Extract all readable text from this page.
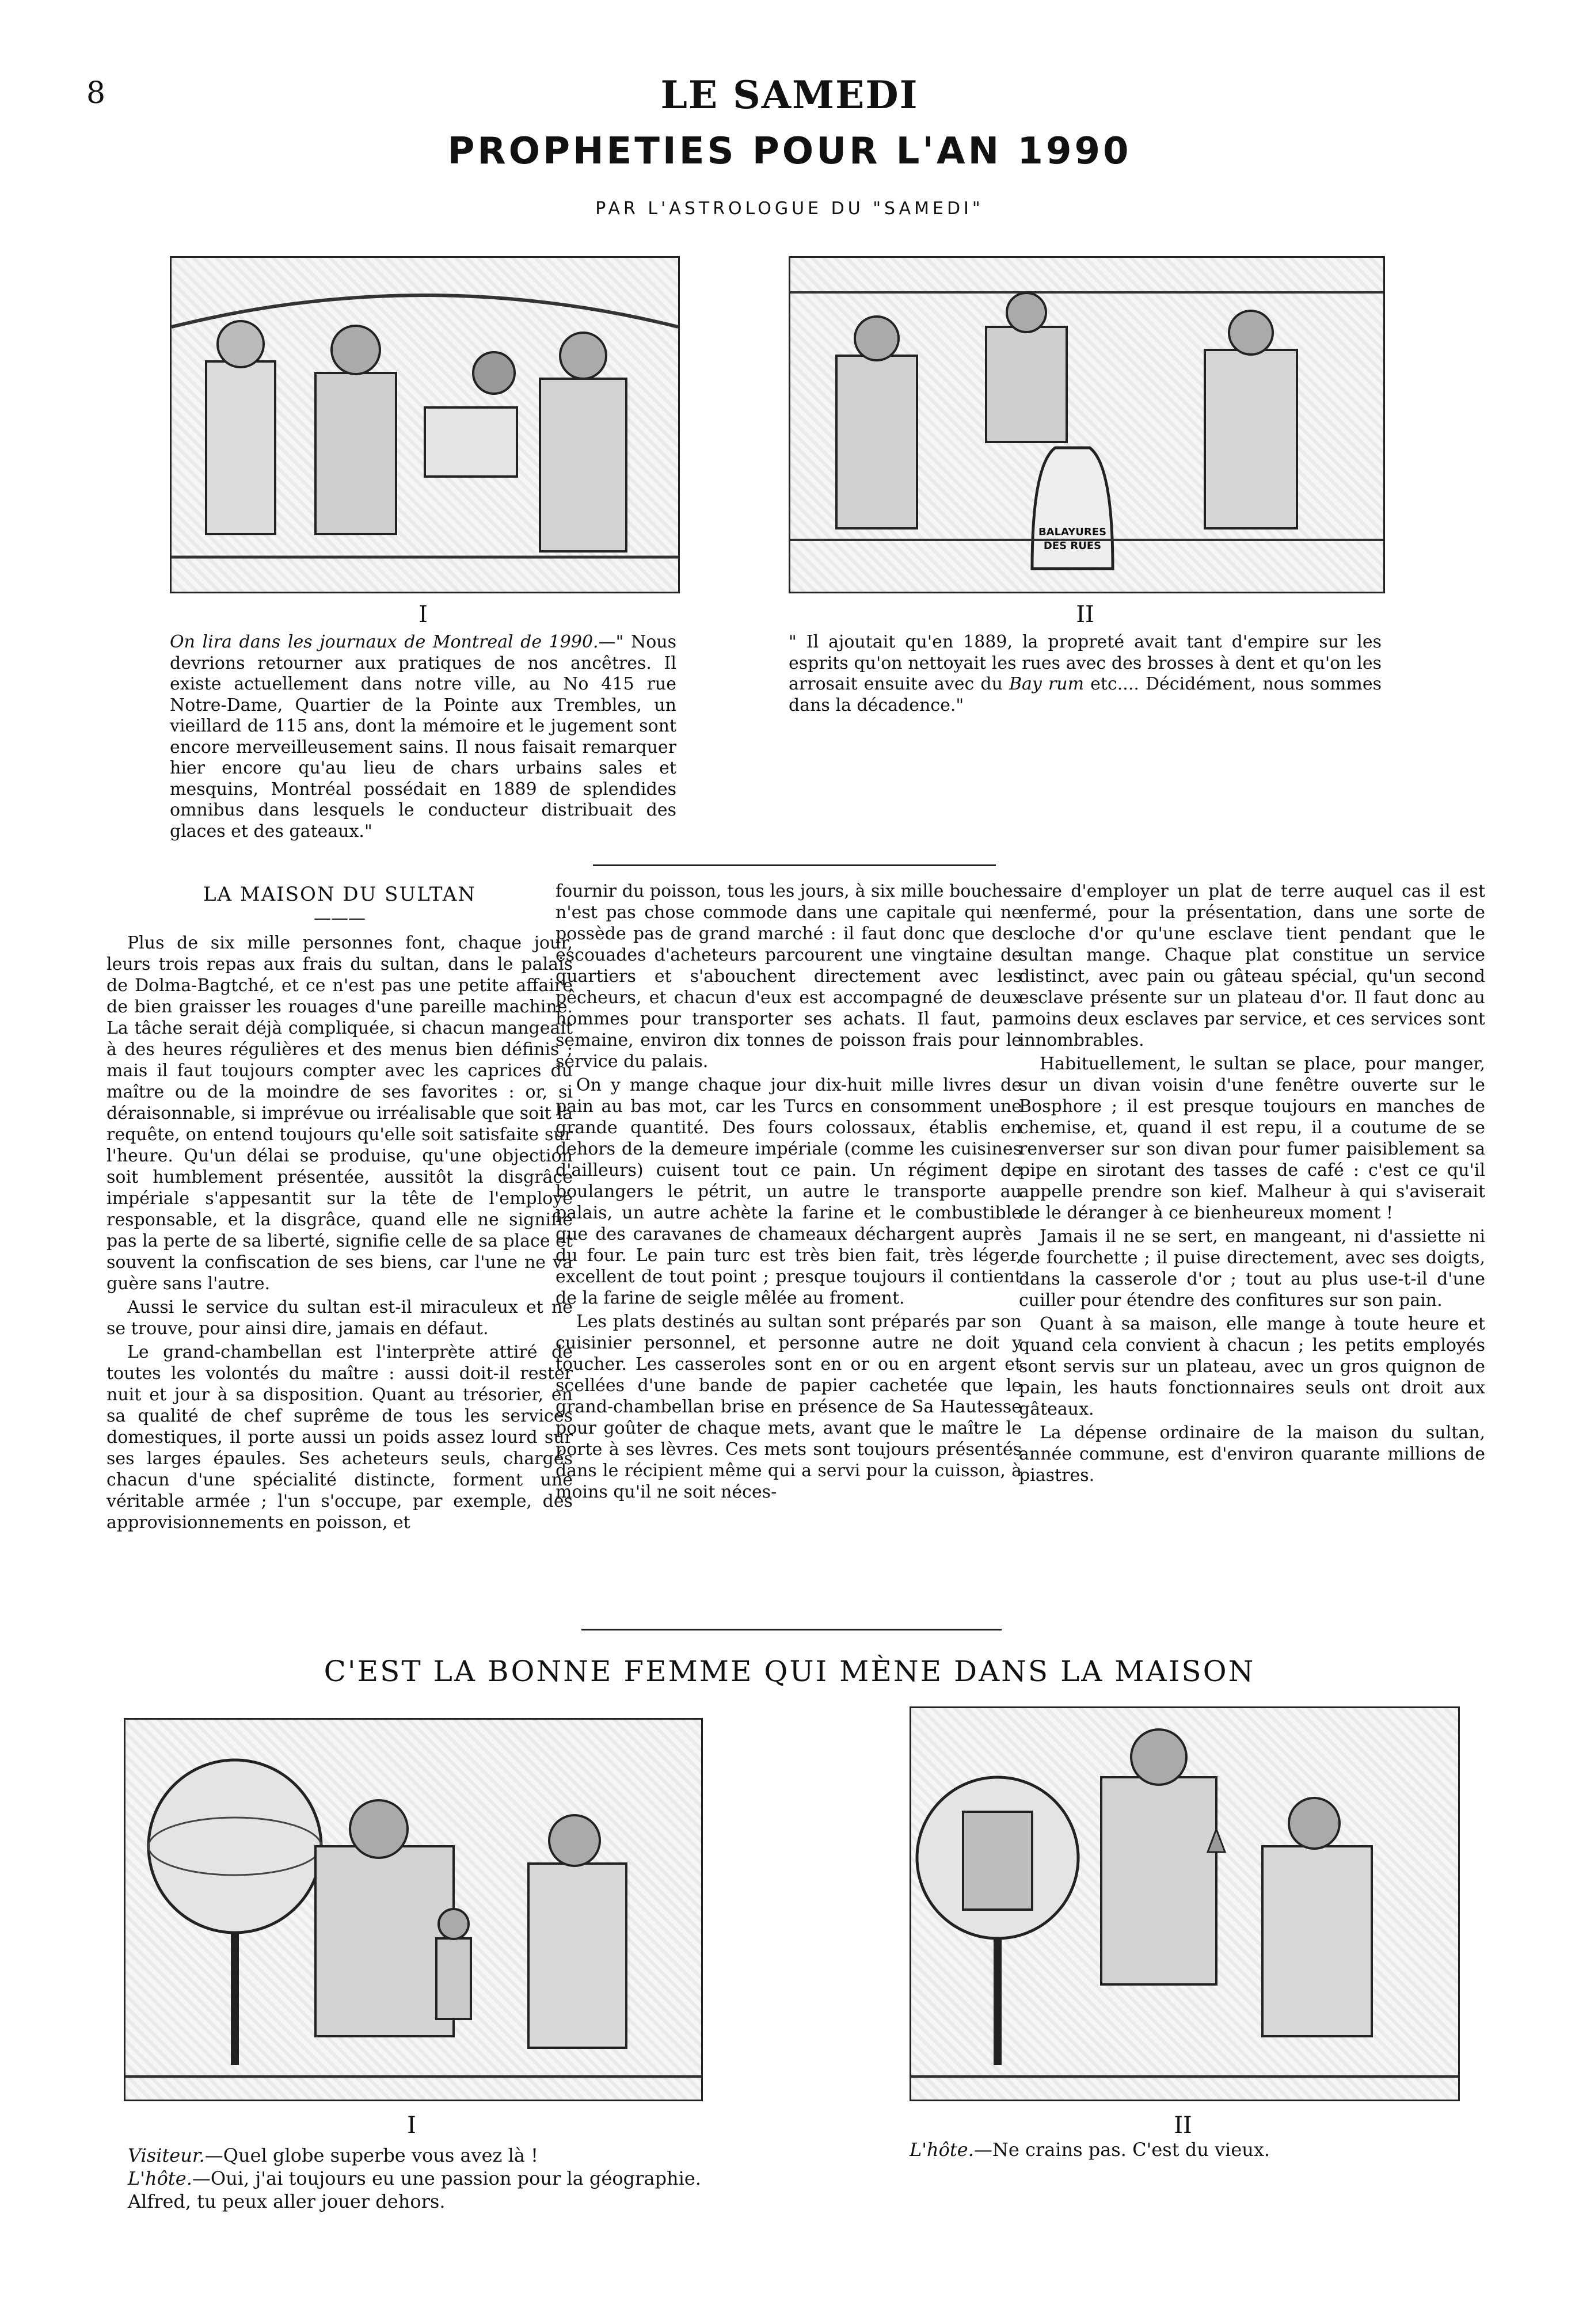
8	LE SAMEDI
PROPHETIES POUR L'AN 1990
PAR L'ASTROLOGUE DU "SAMEDI"
I

On lira dans les journaux de Montreal de 1990.—" Nous devrions retourner aux pratiques de nos ancêtres. Il existe actuellement dans notre ville, au No 415 rue Notre-Dame, Quartier de la Pointe aux Trembles, un vieillard de 115 ans, dont la mémoire et le jugement sont encore merveilleusement sains. Il nous faisait remarquer hier encore qu'au lieu de chars urbains sales et mesquins, Montréal possédait en 1889 de splendides omnibus dans lesquels le conducteur distribuait des glaces et des gateaux."

BALAYURES
DES RUES
II

" Il ajoutait qu'en 1889, la propreté avait tant d'empire sur les esprits qu'on nettoyait les rues avec des brosses à dent et qu'on les arrosait ensuite avec du Bay rum etc.... Décidément, nous sommes dans la décadence."

LA MAISON DU SULTAN

———

Plus de six mille personnes font, chaque jour, leurs trois repas aux frais du sultan, dans le palais de Dolma-Bagtché, et ce n'est pas une petite affaire de bien graisser les rouages d'une pareille machine. La tâche serait déjà compliquée, si chacun mangeait à des heures régulières et des menus bien définis ; mais il faut toujours compter avec les caprices du maître ou de la moindre de ses favorites : or, si déraisonnable, si imprévue ou irréalisable que soit la requête, on entend toujours qu'elle soit satisfaite sur l'heure. Qu'un délai se produise, qu'une objection soit humblement présentée, aussitôt la disgrâce impériale s'appesantit sur la tête de l'employé responsable, et la disgrâce, quand elle ne signifie pas la perte de sa liberté, signifie celle de sa place et souvent la confiscation de ses biens, car l'une ne va guère sans l'autre.

Aussi le service du sultan est-il miraculeux et ne se trouve, pour ainsi dire, jamais en défaut.

Le grand-chambellan est l'interprète attiré de toutes les volontés du maître : aussi doit-il rester nuit et jour à sa disposition. Quant au trésorier, en sa qualité de chef suprême de tous les services domestiques, il porte aussi un poids assez lourd sur ses larges épaules. Ses acheteurs seuls, chargés chacun d'une spécialité distincte, forment une véritable armée ; l'un s'occupe, par exemple, des approvisionnements en poisson, et

fournir du poisson, tous les jours, à six mille bouches n'est pas chose commode dans une capitale qui ne possède pas de grand marché : il faut donc que des escouades d'acheteurs parcourent une vingtaine de quartiers et s'abouchent directement avec les pêcheurs, et chacun d'eux est accompagné de deux hommes pour transporter ses achats. Il faut, par semaine, environ dix tonnes de poisson frais pour le service du palais.

On y mange chaque jour dix-huit mille livres de pain au bas mot, car les Turcs en consomment une grande quantité. Des fours colossaux, établis en dehors de la demeure impériale (comme les cuisines d'ailleurs) cuisent tout ce pain. Un régiment de boulangers le pétrit, un autre le transporte au palais, un autre achète la farine et le combustible que des caravanes de chameaux déchargent auprès du four. Le pain turc est très bien fait, très léger, excellent de tout point ; presque toujours il contient de la farine de seigle mêlée au froment.

Les plats destinés au sultan sont préparés par son cuisinier personnel, et personne autre ne doit y toucher. Les casseroles sont en or ou en argent et scellées d'une bande de papier cachetée que le grand-chambellan brise en présence de Sa Hautesse pour goûter de chaque mets, avant que le maître le porte à ses lèvres. Ces mets sont toujours présentés dans le récipient même qui a servi pour la cuisson, à moins qu'il ne soit néces-

saire d'employer un plat de terre auquel cas il est enfermé, pour la présentation, dans une sorte de cloche d'or qu'une esclave tient pendant que le sultan mange. Chaque plat constitue un service distinct, avec pain ou gâteau spécial, qu'un second esclave présente sur un plateau d'or. Il faut donc au moins deux esclaves par service, et ces services sont innombrables.

Habituellement, le sultan se place, pour manger, sur un divan voisin d'une fenêtre ouverte sur le Bosphore ; il est presque toujours en manches de chemise, et, quand il est repu, il a coutume de se renverser sur son divan pour fumer paisiblement sa pipe en sirotant des tasses de café : c'est ce qu'il appelle prendre son kief. Malheur à qui s'aviserait de le déranger à ce bienheureux moment !

Jamais il ne se sert, en mangeant, ni d'assiette ni de fourchette ; il puise directement, avec ses doigts, dans la casserole d'or ; tout au plus use-t-il d'une cuiller pour étendre des confitures sur son pain.

Quant à sa maison, elle mange à toute heure et quand cela convient à chacun ; les petits employés sont servis sur un plateau, avec un gros quignon de pain, les hauts fonctionnaires seuls ont droit aux gâteaux.

La dépense ordinaire de la maison du sultan, année commune, est d'environ quarante millions de piastres.

C'EST LA BONNE FEMME QUI MÈNE DANS LA MAISON
I
Visiteur.—Quel globe superbe vous avez là !
L'hôte.—Oui, j'ai toujours eu une passion pour la géographie.
Alfred, tu peux aller jouer dehors.
II
L'hôte.—Ne crains pas. C'est du vieux.
